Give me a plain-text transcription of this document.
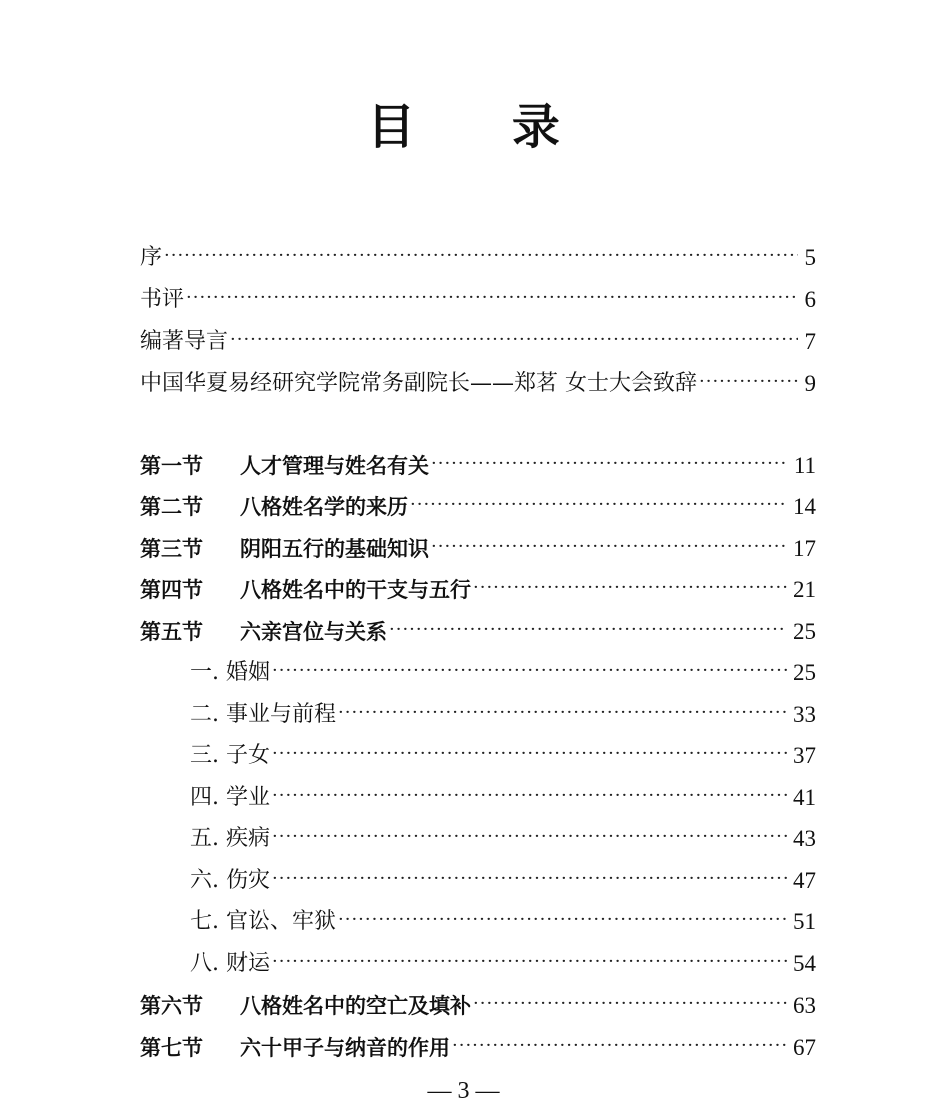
目 录
序 ·····	5
书评 ·····	6
编著导言 ·····	7
中国华夏易经研究学院常务副院长——郑茗 女士大会致辞 ·····	9
第一节 人才管理与姓名有关 ·····	11
第二节 八格姓名学的来历 ·····	14
第三节 阴阳五行的基础知识 ·····	17
第四节 八格姓名中的干支与五行 ·····	21
第五节 六亲宫位与关系 ·····	25
一. 婚姻 ·····	25
二. 事业与前程 ·····	33
三. 子女 ·····	37
四. 学业 ·····	41
五. 疾病 ·····	43
六. 伤灾 ·····	47
七. 官讼、牢狱 ·····	51
八. 财运 ·····	54
第六节 八格姓名中的空亡及填补 ·····	63
第七节 六十甲子与纳音的作用 ·····	67
— 3 —
